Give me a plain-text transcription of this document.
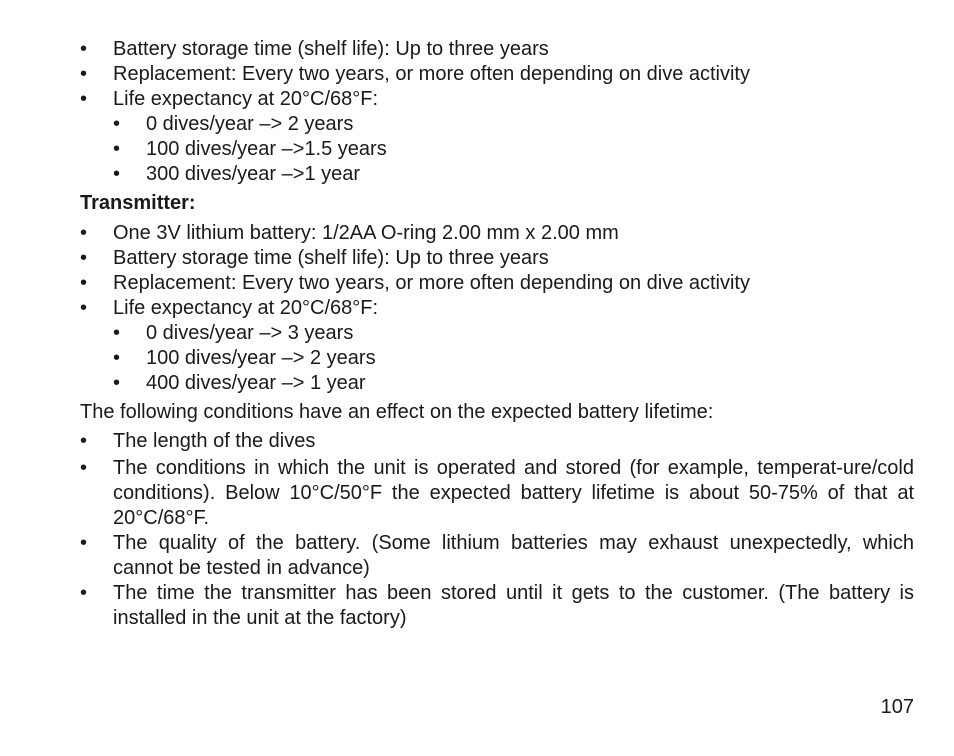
•	Battery storage time (shelf life): Up to three years
•	Replacement: Every two years, or more often depending on dive activity
•	Life expectancy at 20°C/68°F:
•	0 dives/year –> 2 years
•	100 dives/year –>1.5 years
•	300 dives/year –>1 year
Transmitter:
•	One 3V lithium battery: 1/2AA O-ring 2.00 mm x 2.00 mm
•	Battery storage time (shelf life): Up to three years
•	Replacement: Every two years, or more often depending on dive activity
•	Life expectancy at 20°C/68°F:
•	0 dives/year –> 3 years
•	100 dives/year –> 2 years
•	400 dives/year –> 1 year
The following conditions have an effect on the expected battery lifetime:
•	The length of the dives
•	The conditions in which the unit is operated and stored (for example, temperat-ure/cold conditions). Below 10°C/50°F the expected battery lifetime is about 50-75% of that at 20°C/68°F.
•	The quality of the battery. (Some lithium batteries may exhaust unexpectedly, which cannot be tested in advance)
•	The time the transmitter has been stored until it gets to the customer. (The battery is installed in the unit at the factory)
107
